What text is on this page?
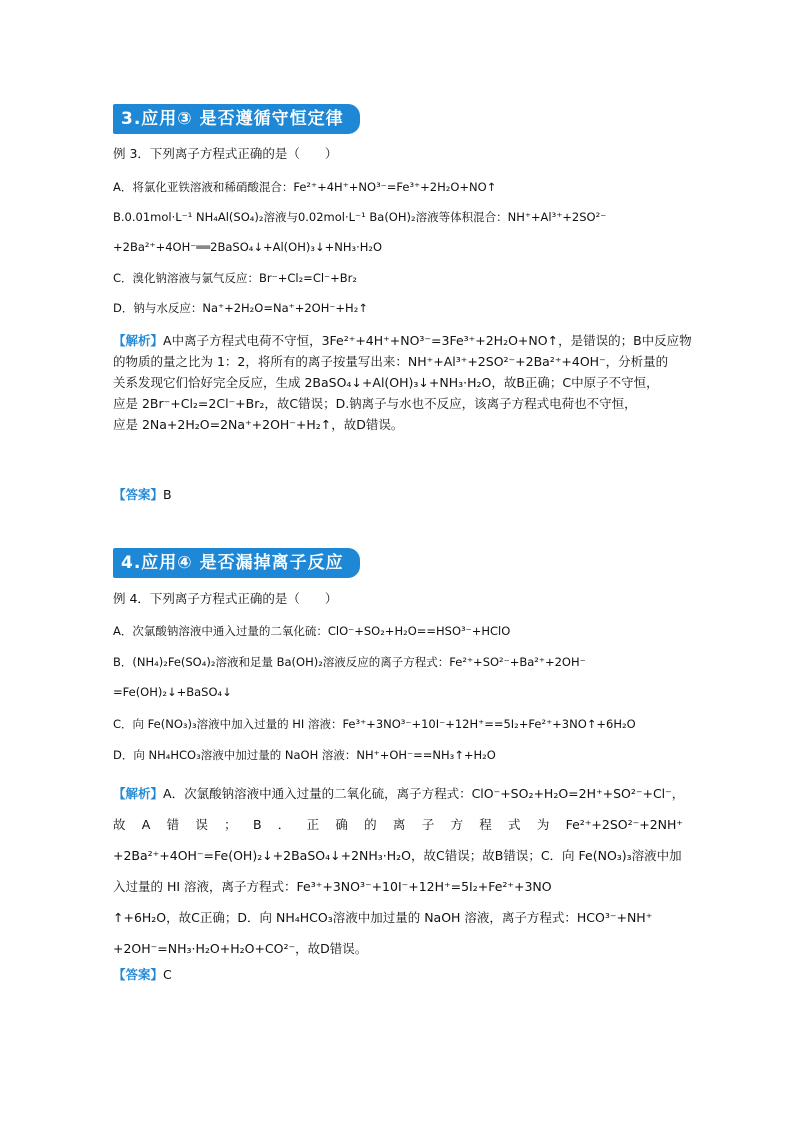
3.应用③ 是否遵循守恒定律
例 3．下列离子方程式正确的是（　　）
A．将氯化亚铁溶液和稀硝酸混合：Fe²⁺+4H⁺+NO³⁻=Fe³⁺+2H₂O+NO↑
B.0.01mol·L⁻¹ NH₄Al(SO₄)₂溶液与0.02mol·L⁻¹ Ba(OH)₂溶液等体积混合：NH⁺+Al³⁺+2SO²⁻
+2Ba²⁺+4OH⁻══2BaSO₄↓+Al(OH)₃↓+NH₃·H₂O
C．溴化钠溶液与氯气反应：Br⁻+Cl₂=Cl⁻+Br₂
D．钠与水反应：Na⁺+2H₂O=Na⁺+2OH⁻+H₂↑

【解析】A中离子方程式电荷不守恒，3Fe²⁺+4H⁺+NO³⁻=3Fe³⁺+2H₂O+NO↑，是错误的；B中反应物

的物质的量之比为 1：2，将所有的离子按量写出来：NH⁺+Al³⁺+2SO²⁻+2Ba²⁺+4OH⁻，分析量的

关系发现它们恰好完全反应，生成 2BaSO₄↓+Al(OH)₃↓+NH₃·H₂O，故B正确；C中原子不守恒，

应是 2Br⁻+Cl₂=2Cl⁻+Br₂，故C错误；D.钠离子与水也不反应，该离子方程式电荷也不守恒，

应是 2Na+2H₂O=2Na⁺+2OH⁻+H₂↑，故D错误。

【答案】B
4.应用④ 是否漏掉离子反应
例 4．下列离子方程式正确的是（　　）
A．次氯酸钠溶液中通入过量的二氧化硫：ClO⁻+SO₂+H₂O==HSO³⁻+HClO
B．(NH₄)₂Fe(SO₄)₂溶液和足量 Ba(OH)₂溶液反应的离子方程式：Fe²⁺+SO²⁻+Ba²⁺+2OH⁻
=Fe(OH)₂↓+BaSO₄↓
C．向 Fe(NO₃)₃溶液中加入过量的 HI 溶液：Fe³⁺+3NO³⁻+10I⁻+12H⁺==5I₂+Fe²⁺+3NO↑+6H₂O
D．向 NH₄HCO₃溶液中加过量的 NaOH 溶液：NH⁺+OH⁻==NH₃↑+H₂O

【解析】A．次氯酸钠溶液中通入过量的二氧化硫，离子方程式：ClO⁻+SO₂+H₂O=2H⁺+SO²⁻+Cl⁻，

故 A 错 误 ； B ． 正 确 的 离 子 方 程 式 为 Fe²⁺+2SO²⁻+2NH⁺

+2Ba²⁺+4OH⁻=Fe(OH)₂↓+2BaSO₄↓+2NH₃·H₂O，故C错误；故B错误；C．向 Fe(NO₃)₃溶液中加

入过量的 HI 溶液，离子方程式：Fe³⁺+3NO³⁻+10I⁻+12H⁺=5I₂+Fe²⁺+3NO

↑+6H₂O，故C正确；D．向 NH₄HCO₃溶液中加过量的 NaOH 溶液，离子方程式：HCO³⁻+NH⁺

+2OH⁻=NH₃·H₂O+H₂O+CO²⁻，故D错误。

【答案】C
